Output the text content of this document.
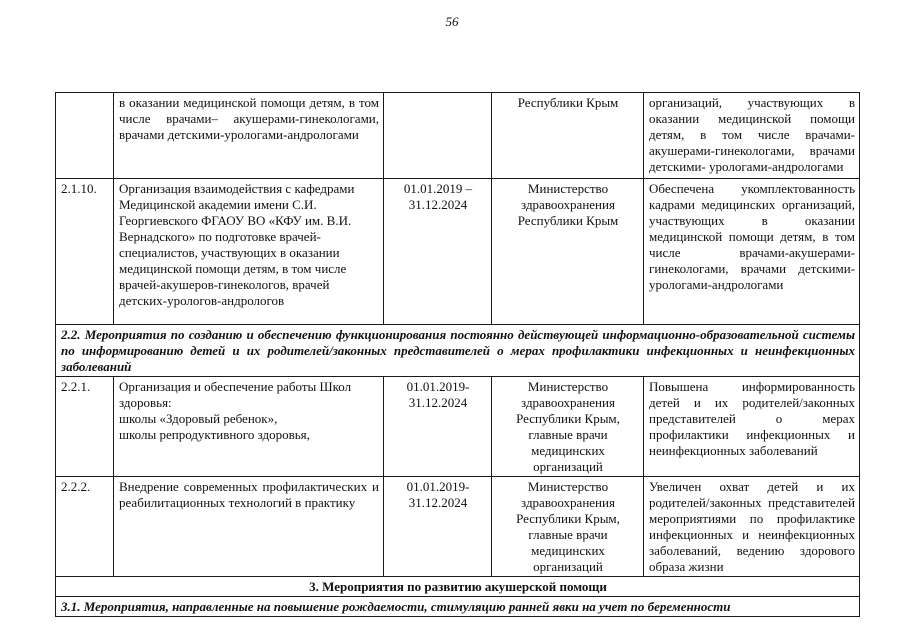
56
	в оказании медицинской помощи детям, в том числе врачами– акушерами-гинекологами, врачами детскими-урологами-андрологами		Республики Крым	организаций, участвующих в оказании медицинской помощи детям, в том числе врачами-акушерами-гинекологами, врачами детскими- урологами-андрологами
2.1.10.	Организация взаимодействия с кафедрами Медицинской академии имени С.И. Георгиевского ФГАОУ ВО «КФУ им. В.И. Вернадского» по подготовке врачей-специалистов, участвующих в оказании медицинской помощи детям, в том числе врачей-акушеров-гинекологов, врачей детских-урологов-андрологов	01.01.2019 – 31.12.2024	Министерство здравоохранения Республики Крым	Обеспечена укомплектованность кадрами медицинских организаций, участвующих в оказании медицинской помощи детям, в том числе врачами-акушерами-гинекологами, врачами детскими-урологами-андрологами
2.2. Мероприятия по созданию и обеспечению функционирования постоянно действующей информационно-образовательной системы по информированию детей и их родителей/законных представителей о мерах профилактики инфекционных и неинфекционных заболеваний				
2.2.1.	Организация и обеспечение работы Школ здоровья:
школы «Здоровый ребенок»,
школы репродуктивного здоровья,	01.01.2019-31.12.2024	Министерство здравоохранения Республики Крым, главные врачи медицинских организаций	Повышена информированность детей и их родителей/законных представителей о мерах профилактики инфекционных и неинфекционных заболеваний
2.2.2.	Внедрение современных профилактических и реабилитационных технологий в практику	01.01.2019-31.12.2024	Министерство здравоохранения Республики Крым, главные врачи медицинских организаций	Увеличен охват детей и их родителей/законных представителей мероприятиями по профилактике инфекционных и неинфекционных заболеваний, ведению здорового образа жизни
3. Мероприятия по развитию акушерской помощи				
3.1. Мероприятия, направленные на повышение рождаемости, стимуляцию ранней явки на учет по беременности				
